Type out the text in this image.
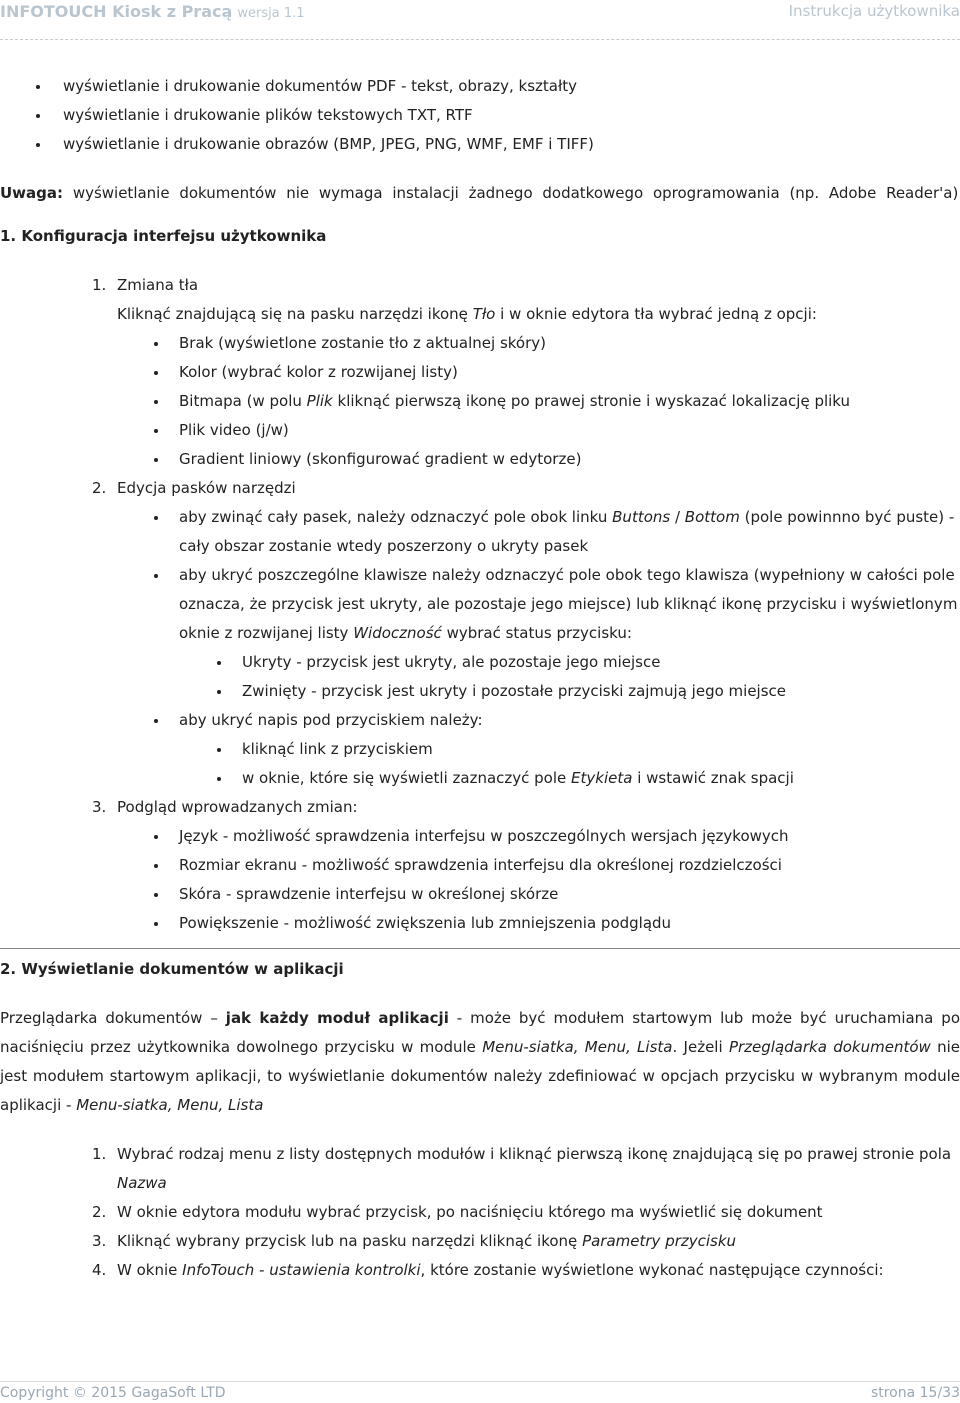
INFOTOUCH Kiosk z Pracą wersja 1.1	Instrukcja użytkownika
wyświetlanie i drukowanie dokumentów PDF - tekst, obrazy, kształty
wyświetlanie i drukowanie plików tekstowych TXT, RTF
wyświetlanie i drukowanie obrazów (BMP, JPEG, PNG, WMF, EMF i TIFF)

Uwaga: wyświetlanie dokumentów nie wymaga instalacji żadnego dodatkowego oprogramowania (np. Adobe Reader'a)

1. Konfiguracja interfejsu użytkownika
1. Zmiana tła
Kliknąć znajdującą się na pasku narzędzi ikonę Tło i w oknie edytora tła wybrać jedną z opcji:
Brak (wyświetlone zostanie tło z aktualnej skóry)
Kolor (wybrać kolor z rozwijanej listy)
Bitmapa (w polu Plik kliknąć pierwszą ikonę po prawej stronie i wyskazać lokalizację pliku
Plik video (j/w)
Gradient liniowy (skonfigurować gradient w edytorze)
2. Edycja pasków narzędzi
aby zwinąć cały pasek, należy odznaczyć pole obok linku Buttons / Bottom (pole powinnno być puste) - cały obszar zostanie wtedy poszerzony o ukryty pasek
aby ukryć poszczególne klawisze należy odznaczyć pole obok tego klawisza (wypełniony w całości pole oznacza, że przycisk jest ukryty, ale pozostaje jego miejsce) lub kliknąć ikonę przycisku i wyświetlonym oknie z rozwijanej listy Widoczność wybrać status przycisku:
Ukryty - przycisk jest ukryty, ale pozostaje jego miejsce
Zwinięty - przycisk jest ukryty i pozostałe przyciski zajmują jego miejsce
aby ukryć napis pod przyciskiem należy:
kliknąć link z przyciskiem
w oknie, które się wyświetli zaznaczyć pole Etykieta i wstawić znak spacji
3. Podgląd wprowadzanych zmian:
Język - możliwość sprawdzenia interfejsu w poszczególnych wersjach językowych
Rozmiar ekranu - możliwość sprawdzenia interfejsu dla określonej rozdzielczości
Skóra - sprawdzenie interfejsu w określonej skórze
Powiększenie - możliwość zwiększenia lub zmniejszenia podglądu
2. Wyświetlanie dokumentów w aplikacji

Przeglądarka dokumentów – jak każdy moduł aplikacji - może być modułem startowym lub może być uruchamiana po naciśnięciu przez użytkownika dowolnego przycisku w module Menu-siatka, Menu, Lista. Jeżeli Przeglądarka dokumentów nie jest modułem startowym aplikacji, to wyświetlanie dokumentów należy zdefiniować w opcjach przycisku w wybranym module aplikacji - Menu-siatka, Menu, Lista

1. Wybrać rodzaj menu z listy dostępnych modułów i kliknąć pierwszą ikonę znajdującą się po prawej stronie pola Nazwa
2. W oknie edytora modułu wybrać przycisk, po naciśnięciu którego ma wyświetlić się dokument
3. Kliknąć wybrany przycisk lub na pasku narzędzi kliknąć ikonę Parametry przycisku
4. W oknie InfoTouch - ustawienia kontrolki, które zostanie wyświetlone wykonać następujące czynności:
Copyright © 2015 GagaSoft LTD	strona 15/33
